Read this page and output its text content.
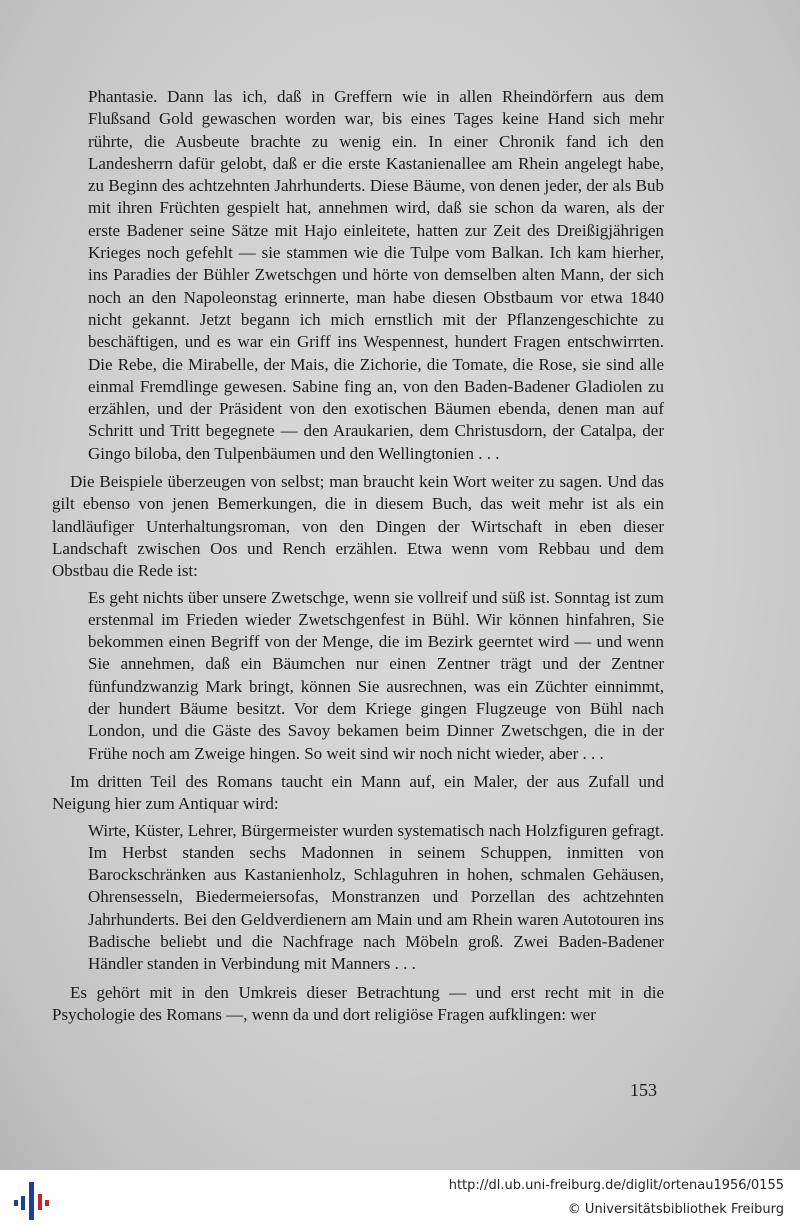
Phantasie. Dann las ich, daß in Greffern wie in allen Rheindörfern aus dem Flußsand Gold gewaschen worden war, bis eines Tages keine Hand sich mehr rührte, die Ausbeute brachte zu wenig ein. In einer Chronik fand ich den Landesherrn dafür gelobt, daß er die erste Kastanienallee am Rhein angelegt habe, zu Beginn des achtzehnten Jahrhunderts. Diese Bäume, von denen jeder, der als Bub mit ihren Früchten gespielt hat, annehmen wird, daß sie schon da waren, als der erste Badener seine Sätze mit Hajo einleitete, hatten zur Zeit des Dreißigjährigen Krieges noch gefehlt — sie stammen wie die Tulpe vom Balkan. Ich kam hierher, ins Paradies der Bühler Zwetschgen und hörte von demselben alten Mann, der sich noch an den Napoleonstag erinnerte, man habe diesen Obstbaum vor etwa 1840 nicht gekannt. Jetzt begann ich mich ernstlich mit der Pflanzengeschichte zu beschäftigen, und es war ein Griff ins Wespennest, hundert Fragen entschwirrten. Die Rebe, die Mirabelle, der Mais, die Zichorie, die Tomate, die Rose, sie sind alle einmal Fremdlinge gewesen. Sabine fing an, von den Baden-Badener Gladiolen zu erzählen, und der Präsident von den exotischen Bäumen ebenda, denen man auf Schritt und Tritt begegnete — den Araukarien, dem Christusdorn, der Catalpa, der Gingo biloba, den Tulpenbäumen und den Wellingtonien . . .

Die Beispiele überzeugen von selbst; man braucht kein Wort weiter zu sagen. Und das gilt ebenso von jenen Bemerkungen, die in diesem Buch, das weit mehr ist als ein landläufiger Unterhaltungsroman, von den Dingen der Wirtschaft in eben dieser Landschaft zwischen Oos und Rench erzählen. Etwa wenn vom Rebbau und dem Obstbau die Rede ist:

Es geht nichts über unsere Zwetschge, wenn sie vollreif und süß ist. Sonntag ist zum erstenmal im Frieden wieder Zwetschgenfest in Bühl. Wir können hinfahren, Sie bekommen einen Begriff von der Menge, die im Bezirk geerntet wird — und wenn Sie annehmen, daß ein Bäumchen nur einen Zentner trägt und der Zentner fünfundzwanzig Mark bringt, können Sie ausrechnen, was ein Züchter einnimmt, der hundert Bäume besitzt. Vor dem Kriege gingen Flugzeuge von Bühl nach London, und die Gäste des Savoy bekamen beim Dinner Zwetschgen, die in der Frühe noch am Zweige hingen. So weit sind wir noch nicht wieder, aber . . .

Im dritten Teil des Romans taucht ein Mann auf, ein Maler, der aus Zufall und Neigung hier zum Antiquar wird:

Wirte, Küster, Lehrer, Bürgermeister wurden systematisch nach Holzfiguren gefragt. Im Herbst standen sechs Madonnen in seinem Schuppen, inmitten von Barockschränken aus Kastanienholz, Schlaguhren in hohen, schmalen Gehäusen, Ohrensesseln, Biedermeiersofas, Monstranzen und Porzellan des achtzehnten Jahrhunderts. Bei den Geldverdienern am Main und am Rhein waren Autotouren ins Badische beliebt und die Nachfrage nach Möbeln groß. Zwei Baden-Badener Händler standen in Verbindung mit Manners . . .

Es gehört mit in den Umkreis dieser Betrachtung — und erst recht mit in die Psychologie des Romans —, wenn da und dort religiöse Fragen aufklingen: wer

153
http://dl.ub.uni-freiburg.de/diglit/ortenau1956/0155
© Universitätsbibliothek Freiburg
